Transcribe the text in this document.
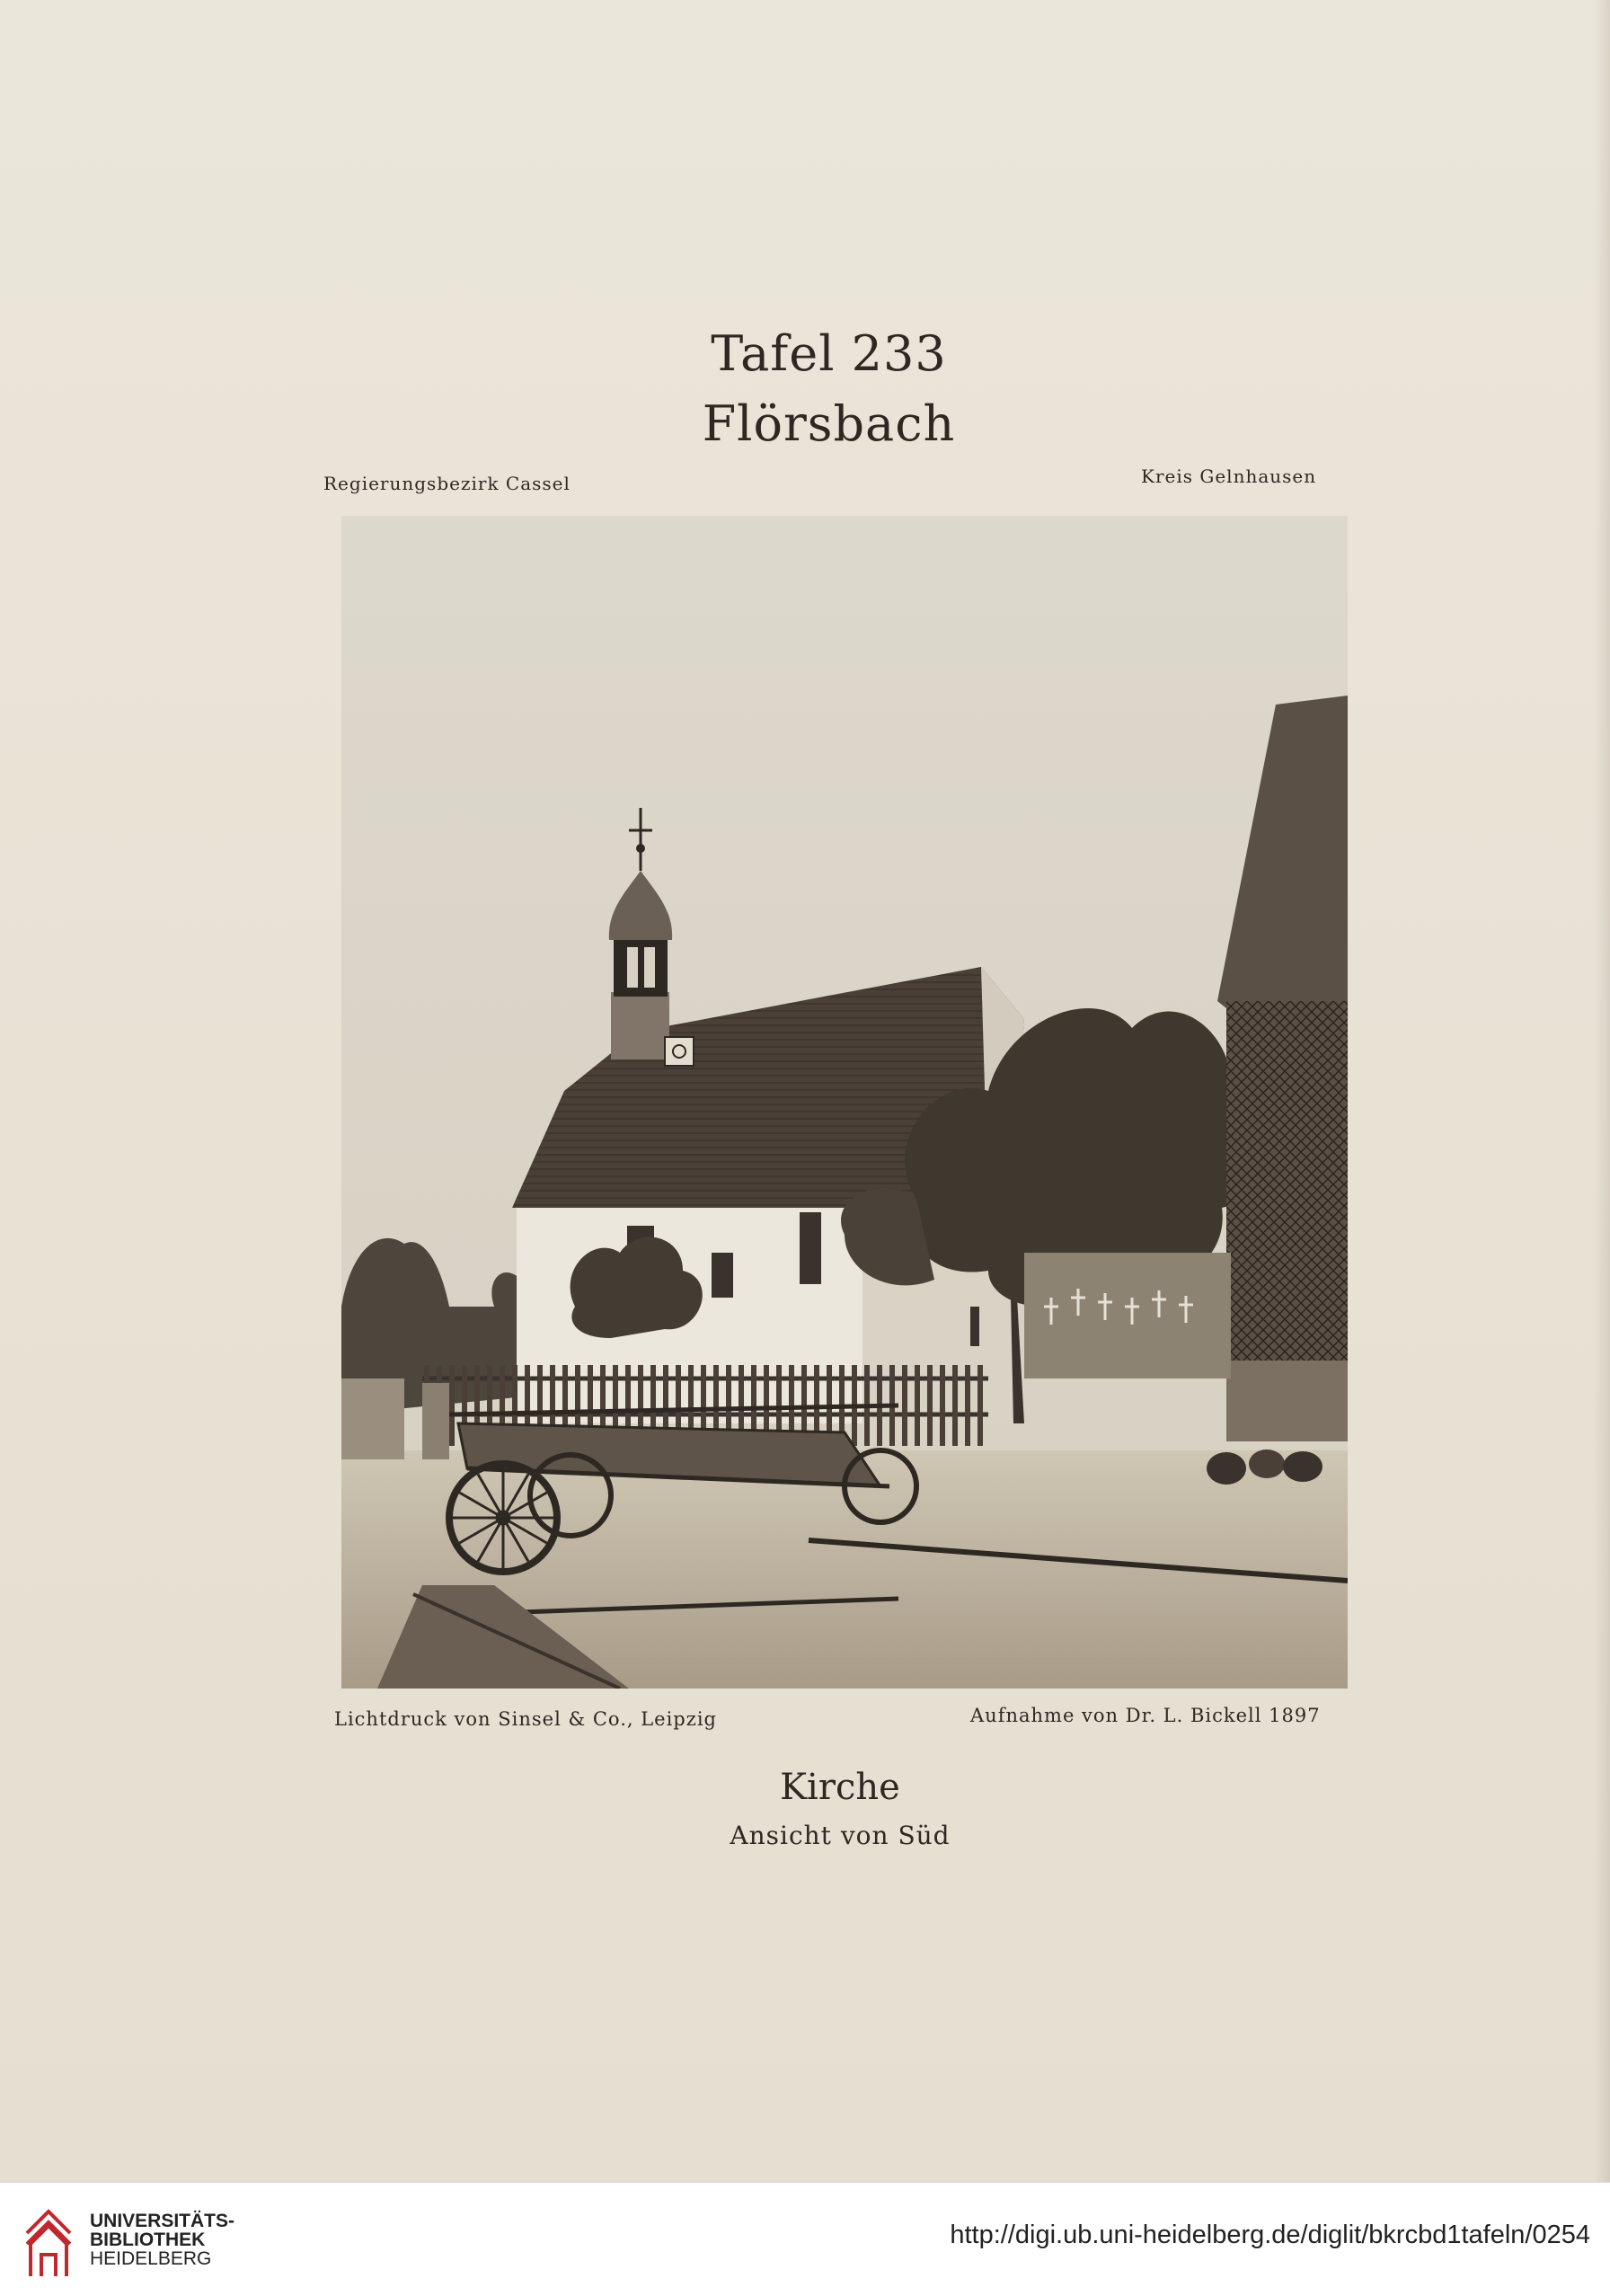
Tafel 233
Flörsbach
Regierungsbezirk Cassel	Kreis Gelnhausen
Lichtdruck von Sinsel & Co., Leipzig	Aufnahme von Dr. L. Bickell 1897
Kirche
Ansicht von Süd
UNIVERSITÄTS-
BIBLIOTHEK
HEIDELBERG
http://digi.ub.uni-heidelberg.de/diglit/bkrcbd1tafeln/0254
